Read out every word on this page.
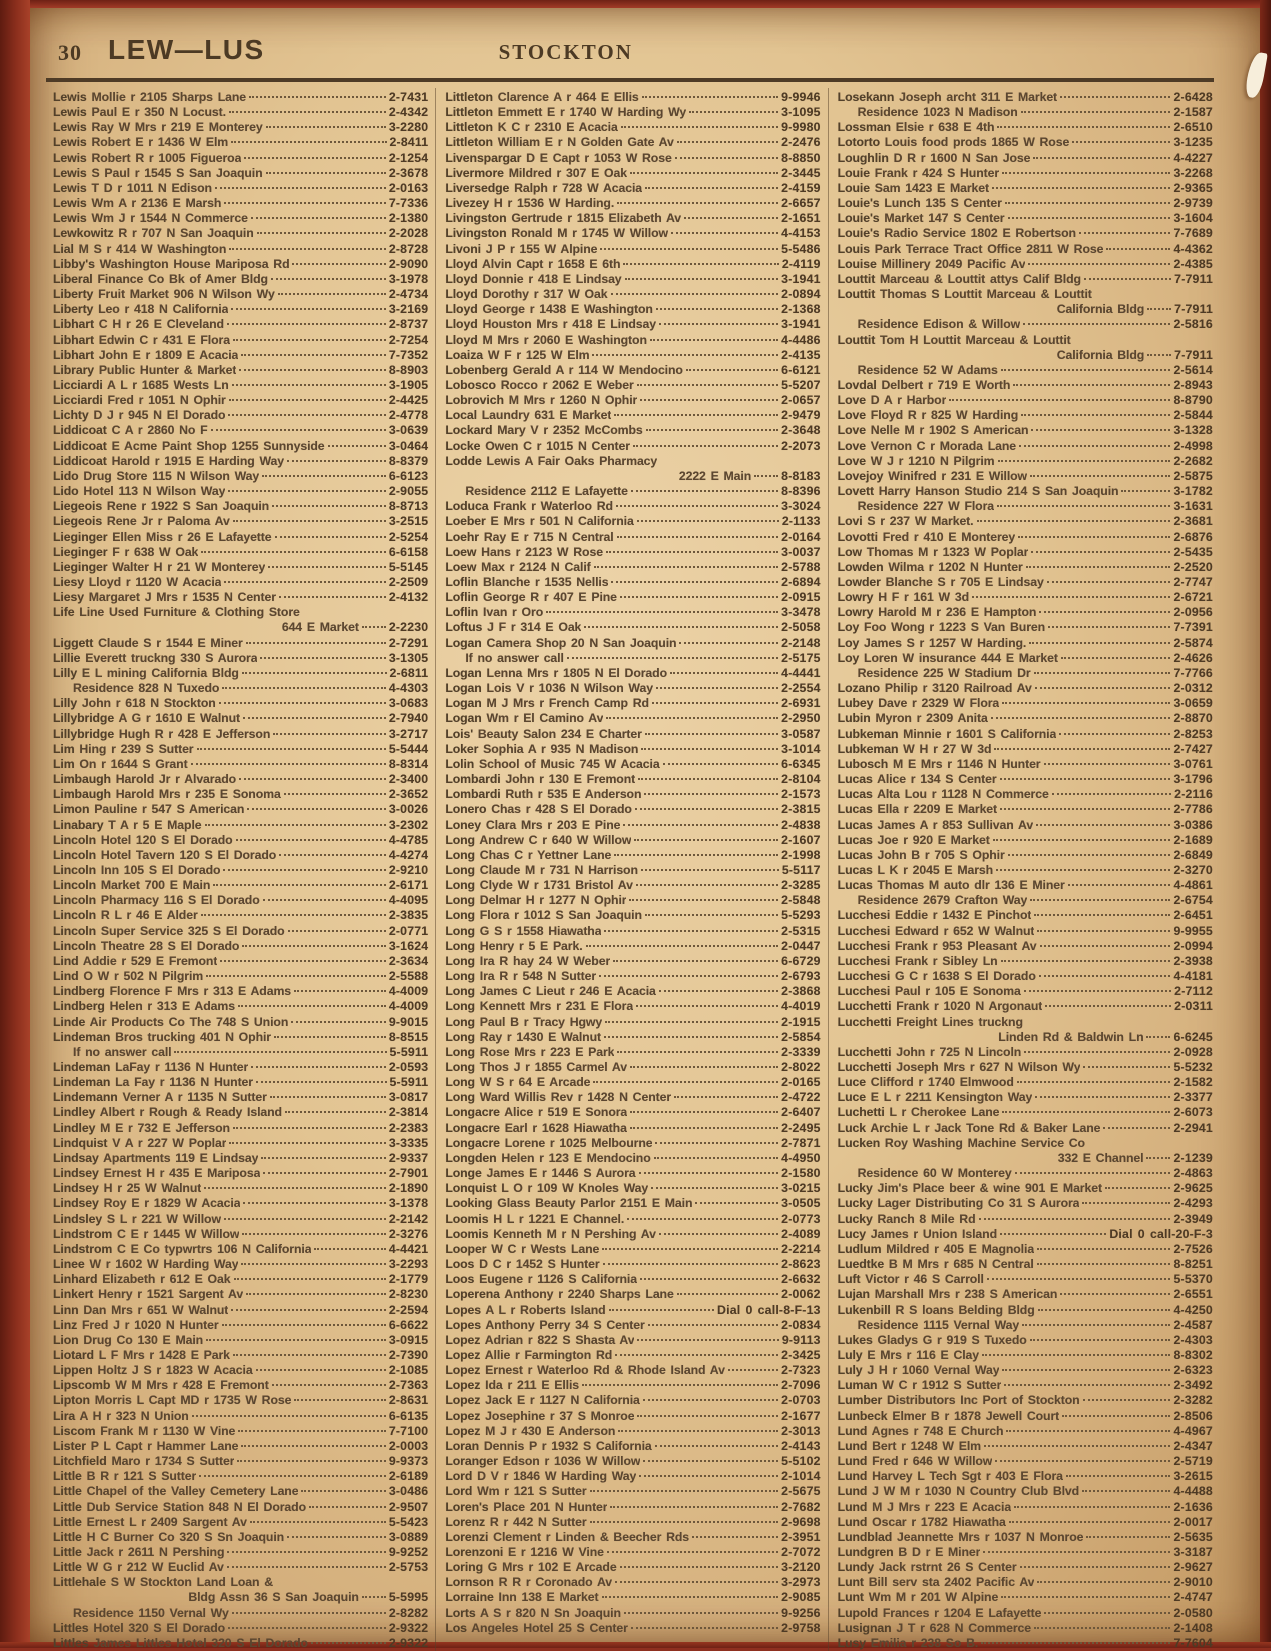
30 LEW—LUS	STOCKTON
Lewis Mollie r 2105 Sharps Lane	2-7431
Lewis Paul E r 350 N Locust.	2-4342
Lewis Ray W Mrs r 219 E Monterey	3-2280
Lewis Robert E r 1436 W Elm	2-8411
Lewis Robert R r 1005 Figueroa	2-1254
Lewis S Paul r 1545 S San Joaquin	2-3678
Lewis T D r 1011 N Edison	2-0163
Lewis Wm A r 2136 E Marsh	7-7336
Lewis Wm J r 1544 N Commerce	2-1380
Lewkowitz R r 707 N San Joaquin	2-2028
Lial M S r 414 W Washington	2-8728
Libby's Washington House Mariposa Rd	2-9090
Liberal Finance Co Bk of Amer Bldg	3-1978
Liberty Fruit Market 906 N Wilson Wy	2-4734
Liberty Leo r 418 N California	3-2169
Libhart C H r 26 E Cleveland	2-8737
Libhart Edwin C r 431 E Flora	2-7254
Libhart John E r 1809 E Acacia	7-7352
Library Public Hunter & Market	8-8903
Licciardi A L r 1685 Wests Ln	3-1905
Licciardi Fred r 1051 N Ophir	2-4425
Lichty D J r 945 N El Dorado	2-4778
Liddicoat C A r 2860 No F	3-0639
Liddicoat E Acme Paint Shop 1255 Sunnyside	3-0464
Liddicoat Harold r 1915 E Harding Way	8-8379
Lido Drug Store 115 N Wilson Way	6-6123
Lido Hotel 113 N Wilson Way	2-9055
Liegeois Rene r 1922 S San Joaquin	8-8713
Liegeois Rene Jr r Paloma Av	3-2515
Lieginger Ellen Miss r 26 E Lafayette	2-5254
Lieginger F r 638 W Oak	6-6158
Lieginger Walter H r 21 W Monterey	5-5145
Liesy Lloyd r 1120 W Acacia	2-2509
Liesy Margaret J Mrs r 1535 N Center	2-4132
Life Line Used Furniture & Clothing Store
644 E Market 2-2230
Liggett Claude S r 1544 E Miner	2-7291
Lillie Everett truckng 330 S Aurora	3-1305
Lilly E L mining California Bldg	2-6811
Residence 828 N Tuxedo	4-4303
Lilly John r 618 N Stockton	3-0683
Lillybridge A G r 1610 E Walnut	2-7940
Lillybridge Hugh R r 428 E Jefferson	3-2717
Lim Hing r 239 S Sutter	5-5444
Lim On r 1644 S Grant	8-8314
Limbaugh Harold Jr r Alvarado	2-3400
Limbaugh Harold Mrs r 235 E Sonoma	2-3652
Limon Pauline r 547 S American	3-0026
Linabary T A r 5 E Maple	3-2302
Lincoln Hotel 120 S El Dorado	4-4785
Lincoln Hotel Tavern 120 S El Dorado	4-4274
Lincoln Inn 105 S El Dorado	2-9210
Lincoln Market 700 E Main	2-6171
Lincoln Pharmacy 116 S El Dorado	4-4095
Lincoln R L r 46 E Alder	2-3835
Lincoln Super Service 325 S El Dorado	2-0771
Lincoln Theatre 28 S El Dorado	3-1624
Lind Addie r 529 E Fremont	2-3634
Lind O W r 502 N Pilgrim	2-5588
Lindberg Florence F Mrs r 313 E Adams	4-4009
Lindberg Helen r 313 E Adams	4-4009
Linde Air Products Co The 748 S Union	9-9015
Lindeman Bros trucking 401 N Ophir	8-8515
If no answer call	5-5911
Lindeman LaFay r 1136 N Hunter	2-0593
Lindeman La Fay r 1136 N Hunter	5-5911
Lindemann Verner A r 1135 N Sutter	3-0817
Lindley Albert r Rough & Ready Island	2-3814
Lindley M E r 732 E Jefferson	2-2383
Lindquist V A r 227 W Poplar	3-3335
Lindsay Apartments 119 E Lindsay	2-9337
Lindsey Ernest H r 435 E Mariposa	2-7901
Lindsey H r 25 W Walnut	2-1890
Lindsey Roy E r 1829 W Acacia	3-1378
Lindsley S L r 221 W Willow	2-2142
Lindstrom C E r 1445 W Willow	2-3276
Lindstrom C E Co typwrtrs 106 N California	4-4421
Linee W r 1602 W Harding Way	3-2293
Linhard Elizabeth r 612 E Oak	2-1779
Linkert Henry r 1521 Sargent Av	2-8230
Linn Dan Mrs r 651 W Walnut	2-2594
Linz Fred J r 1020 N Hunter	6-6622
Lion Drug Co 130 E Main	3-0915
Liotard L F Mrs r 1428 E Park	2-7390
Lippen Holtz J S r 1823 W Acacia	2-1085
Lipscomb W M Mrs r 428 E Fremont	2-7363
Lipton Morris L Capt MD r 1735 W Rose	2-8631
Lira A H r 323 N Union	6-6135
Liscom Frank M r 1130 W Vine	7-7100
Lister P L Capt r Hammer Lane	2-0003
Litchfield Maro r 1734 S Sutter	9-9373
Little B R r 121 S Sutter	2-6189
Little Chapel of the Valley Cemetery Lane	3-0486
Little Dub Service Station 848 N El Dorado	2-9507
Little Ernest L r 2409 Sargent Av	5-5423
Little H C Burner Co 320 S Sn Joaquin	3-0889
Little Jack r 2611 N Pershing	9-9252
Little W G r 212 W Euclid Av	2-5753
Littlehale S W Stockton Land Loan &
Bldg Assn 36 S San Joaquin 5-5995
Residence 1150 Vernal Wy	2-8282
Littles Hotel 320 S El Dorado	2-9322
Littles James Littles Hotel 320 S El Dorado	2-9322
Littleton Clarence A r 464 E Ellis	9-9946
Littleton Emmett E r 1740 W Harding Wy	3-1095
Littleton K C r 2310 E Acacia	9-9980
Littleton William E r N Golden Gate Av	2-2476
Livenspargar D E Capt r 1053 W Rose	8-8850
Livermore Mildred r 307 E Oak	2-3445
Liversedge Ralph r 728 W Acacia	2-4159
Livezey H r 1536 W Harding.	2-6657
Livingston Gertrude r 1815 Elizabeth Av	2-1651
Livingston Ronald M r 1745 W Willow	4-4153
Livoni J P r 155 W Alpine	5-5486
Lloyd Alvin Capt r 1658 E 6th	2-4119
Lloyd Donnie r 418 E Lindsay	3-1941
Lloyd Dorothy r 317 W Oak	2-0894
Lloyd George r 1438 E Washington	2-1368
Lloyd Houston Mrs r 418 E Lindsay	3-1941
Lloyd M Mrs r 2060 E Washington	4-4486
Loaiza W F r 125 W Elm	2-4135
Lobenberg Gerald A r 114 W Mendocino	6-6121
Lobosco Rocco r 2062 E Weber	5-5207
Lobrovich M Mrs r 1260 N Ophir	2-0657
Local Laundry 631 E Market	2-9479
Lockard Mary V r 2352 McCombs	2-3648
Locke Owen C r 1015 N Center	2-2073
Lodde Lewis A Fair Oaks Pharmacy
2222 E Main 8-8183
Residence 2112 E Lafayette	8-8396
Loduca Frank r Waterloo Rd	3-3024
Loeber E Mrs r 501 N California	2-1133
Loehr Ray E r 715 N Central	2-0164
Loew Hans r 2123 W Rose	3-0037
Loew Max r 2124 N Calif	2-5788
Loflin Blanche r 1535 Nellis	2-6894
Loflin George R r 407 E Pine	2-0915
Loflin Ivan r Oro	3-3478
Loftus J F r 314 E Oak	2-5058
Logan Camera Shop 20 N San Joaquin	2-2148
If no answer call	2-5175
Logan Lenna Mrs r 1805 N El Dorado	4-4441
Logan Lois V r 1036 N Wilson Way	2-2554
Logan M J Mrs r French Camp Rd	2-6931
Logan Wm r El Camino Av	2-2950
Lois' Beauty Salon 234 E Charter	3-0587
Loker Sophia A r 935 N Madison	3-1014
Lolin School of Music 745 W Acacia	6-6345
Lombardi John r 130 E Fremont	2-8104
Lombardi Ruth r 535 E Anderson	2-1573
Lonero Chas r 428 S El Dorado	2-3815
Loney Clara Mrs r 203 E Pine	2-4838
Long Andrew C r 640 W Willow	2-1607
Long Chas C r Yettner Lane	2-1998
Long Claude M r 731 N Harrison	5-5117
Long Clyde W r 1731 Bristol Av	2-3285
Long Delmar H r 1277 N Ophir	2-5848
Long Flora r 1012 S San Joaquin	5-5293
Long G S r 1558 Hiawatha	2-5315
Long Henry r 5 E Park.	2-0447
Long Ira R hay 24 W Weber	6-6729
Long Ira R r 548 N Sutter	2-6793
Long James C Lieut r 246 E Acacia	2-3868
Long Kennett Mrs r 231 E Flora	4-4019
Long Paul B r Tracy Hgwy	2-1915
Long Ray r 1430 E Walnut	2-5854
Long Rose Mrs r 223 E Park	2-3339
Long Thos J r 1855 Carmel Av	2-8022
Long W S r 64 E Arcade	2-0165
Long Ward Willis Rev r 1428 N Center	2-4722
Longacre Alice r 519 E Sonora	2-6407
Longacre Earl r 1628 Hiawatha	2-2495
Longacre Lorene r 1025 Melbourne	2-7871
Longden Helen r 123 E Mendocino	4-4950
Longe James E r 1446 S Aurora	2-1580
Lonquist L O r 109 W Knoles Way	3-0215
Looking Glass Beauty Parlor 2151 E Main	3-0505
Loomis H L r 1221 E Channel.	2-0773
Loomis Kenneth M r N Pershing Av	2-4089
Looper W C r Wests Lane	2-2214
Loos D C r 1452 S Hunter	2-8623
Loos Eugene r 1126 S California	2-6632
Loperena Anthony r 2240 Sharps Lane	2-0062
Lopes A L r Roberts Island	Dial 0 call-8-F-13
Lopes Anthony Perry 34 S Center	2-0834
Lopez Adrian r 822 S Shasta Av	9-9113
Lopez Allie r Farmington Rd	2-3425
Lopez Ernest r Waterloo Rd & Rhode Island Av	2-7323
Lopez Ida r 211 E Ellis	2-7096
Lopez Jack E r 1127 N California	2-0703
Lopez Josephine r 37 S Monroe	2-1677
Lopez M J r 430 E Anderson	2-3013
Loran Dennis P r 1932 S California	2-4143
Loranger Edson r 1036 W Willow	5-5102
Lord D V r 1846 W Harding Way	2-1014
Lord Wm r 121 S Sutter	2-5675
Loren's Place 201 N Hunter	2-7682
Lorenz R r 442 N Sutter	2-9698
Lorenzi Clement r Linden & Beecher Rds	2-3951
Lorenzoni E r 1216 W Vine	2-7072
Loring G Mrs r 102 E Arcade	3-2120
Lornson R R r Coronado Av	3-2973
Lorraine Inn 138 E Market	2-9085
Lorts A S r 820 N Sn Joaquin	9-9256
Los Angeles Hotel 25 S Center	2-9758
Losekann Joseph archt 311 E Market	2-6428
Residence 1023 N Madison	2-1587
Lossman Elsie r 638 E 4th	2-6510
Lotorto Louis food prods 1865 W Rose	3-1235
Loughlin D R r 1600 N San Jose	4-4227
Louie Frank r 424 S Hunter	3-2268
Louie Sam 1423 E Market	2-9365
Louie's Lunch 135 S Center	2-9739
Louie's Market 147 S Center	3-1604
Louie's Radio Service 1802 E Robertson	7-7689
Louis Park Terrace Tract Office 2811 W Rose	4-4362
Louise Millinery 2049 Pacific Av	2-4385
Louttit Marceau & Louttit attys Calif Bldg	7-7911
Louttit Thomas S Louttit Marceau & Louttit
California Bldg 7-7911
Residence Edison & Willow	2-5816
Louttit Tom H Louttit Marceau & Louttit
California Bldg 7-7911
Residence 52 W Adams	2-5614
Lovdal Delbert r 719 E Worth	2-8943
Love D A r Harbor	8-8790
Love Floyd R r 825 W Harding	2-5844
Love Nelle M r 1902 S American	3-1328
Love Vernon C r Morada Lane	2-4998
Love W J r 1210 N Pilgrim	2-2682
Lovejoy Winifred r 231 E Willow	2-5875
Lovett Harry Hanson Studio 214 S San Joaquin	3-1782
Residence 227 W Flora	3-1631
Lovi S r 237 W Market.	2-3681
Lovotti Fred r 410 E Monterey	2-6876
Low Thomas M r 1323 W Poplar	2-5435
Lowden Wilma r 1202 N Hunter	2-2520
Lowder Blanche S r 705 E Lindsay	2-7747
Lowry H F r 161 W 3d	2-6721
Lowry Harold M r 236 E Hampton	2-0956
Loy Foo Wong r 1223 S Van Buren	7-7391
Loy James S r 1257 W Harding.	2-5874
Loy Loren W insurance 444 E Market	2-4626
Residence 225 W Stadium Dr	7-7766
Lozano Philip r 3120 Railroad Av	2-0312
Lubey Dave r 2329 W Flora	3-0659
Lubin Myron r 2309 Anita	2-8870
Lubkeman Minnie r 1601 S California	2-8253
Lubkeman W H r 27 W 3d	2-7427
Lubosch M E Mrs r 1146 N Hunter	3-0761
Lucas Alice r 134 S Center	3-1796
Lucas Alta Lou r 1128 N Commerce	2-2116
Lucas Ella r 2209 E Market	2-7786
Lucas James A r 853 Sullivan Av	3-0386
Lucas Joe r 920 E Market	2-1689
Lucas John B r 705 S Ophir	2-6849
Lucas L K r 2045 E Marsh	2-3270
Lucas Thomas M auto dlr 136 E Miner	4-4861
Residence 2679 Crafton Way	2-6754
Lucchesi Eddie r 1432 E Pinchot	2-6451
Lucchesi Edward r 652 W Walnut	9-9955
Lucchesi Frank r 953 Pleasant Av	2-0994
Lucchesi Frank r Sibley Ln	2-3938
Lucchesi G C r 1638 S El Dorado	4-4181
Lucchesi Paul r 105 E Sonoma	2-7112
Lucchetti Frank r 1020 N Argonaut	2-0311
Lucchetti Freight Lines truckng
Linden Rd & Baldwin Ln 6-6245
Lucchetti John r 725 N Lincoln	2-0928
Lucchetti Joseph Mrs r 627 N Wilson Wy	5-5232
Luce Clifford r 1740 Elmwood	2-1582
Luce E L r 2211 Kensington Way	2-3377
Luchetti L r Cherokee Lane	2-6073
Luck Archie L r Jack Tone Rd & Baker Lane	2-2941
Lucken Roy Washing Machine Service Co
332 E Channel 2-1239
Residence 60 W Monterey	2-4863
Lucky Jim's Place beer & wine 901 E Market	2-9625
Lucky Lager Distributing Co 31 S Aurora	2-4293
Lucky Ranch 8 Mile Rd	2-3949
Lucy James r Union Island	Dial 0 call-20-F-3
Ludlum Mildred r 405 E Magnolia	2-7526
Luedtke B M Mrs r 685 N Central	8-8251
Luft Victor r 46 S Carroll	5-5370
Lujan Marshall Mrs r 238 S American	2-6551
Lukenbill R S loans Belding Bldg	4-4250
Residence 1115 Vernal Way	2-4587
Lukes Gladys G r 919 S Tuxedo	2-4303
Luly E Mrs r 116 E Clay	8-8302
Luly J H r 1060 Vernal Way	2-6323
Luman W C r 1912 S Sutter	2-3492
Lumber Distributors Inc Port of Stockton	2-3282
Lunbeck Elmer B r 1878 Jewell Court	2-8506
Lund Agnes r 748 E Church	4-4967
Lund Bert r 1248 W Elm	2-4347
Lund Fred r 646 W Willow	2-5719
Lund Harvey L Tech Sgt r 403 E Flora	3-2615
Lund J W M r 1030 N Country Club Blvd	4-4488
Lund M J Mrs r 223 E Acacia	2-1636
Lund Oscar r 1782 Hiawatha	2-0017
Lundblad Jeannette Mrs r 1037 N Monroe	2-5635
Lundgren B D r E Miner	3-3187
Lundy Jack rstrnt 26 S Center	2-9627
Lunt Bill serv sta 2402 Pacific Av	2-9010
Lunt Wm M r 201 W Alpine	2-4747
Lupold Frances r 1204 E Lafayette	2-0580
Lusignan J T r 628 N Commerce	2-1408
Lusy Emilia r 238 So B.	7-7604
